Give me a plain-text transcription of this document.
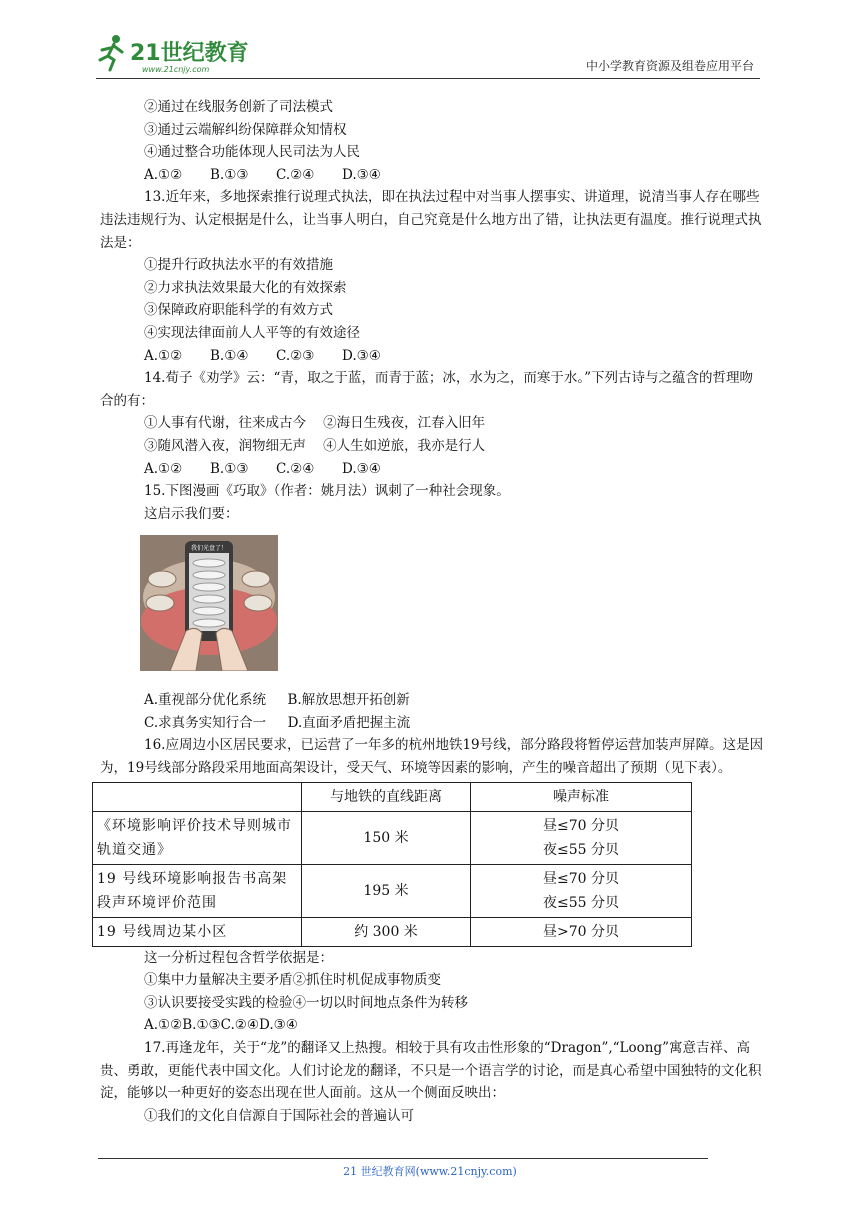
21世纪教育
www.21cnjy.com	中小学教育资源及组卷应用平台
②通过在线服务创新了司法模式
③通过云端解纠纷保障群众知情权
④通过整合功能体现人民司法为人民
A.①② B.①③ C.②④ D.③④
13.近年来，多地探索推行说理式执法，即在执法过程中对当事人摆事实、讲道理，说清当事人存在哪些违法违规行为、认定根据是什么，让当事人明白，自己究竟是什么地方出了错，让执法更有温度。推行说理式执法是：
①提升行政执法水平的有效措施
②力求执法效果最大化的有效探索
③保障政府职能科学的有效方式
④实现法律面前人人平等的有效途径
A.①② B.①④ C.②③ D.③④
14.荀子《劝学》云：“青，取之于蓝，而青于蓝；冰，水为之，而寒于水。”下列古诗与之蕴含的哲理吻合的有：
①人事有代谢，往来成古今 ②海日生残夜，江春入旧年
③随风潜入夜，润物细无声 ④人生如逆旅，我亦是行人
A.①② B.①③ C.②④ D.③④
15.下图漫画《巧取》（作者：姚月法）讽刺了一种社会现象。
这启示我们要：
我们光盘了！
A.重视部分优化系统 B.解放思想开拓创新
C.求真务实知行合一 D.直面矛盾把握主流
16.应周边小区居民要求，已运营了一年多的杭州地铁19号线，部分路段将暂停运营加装声屏障。这是因为，19号线部分路段采用地面高架设计，受天气、环境等因素的影响，产生的噪音超出了预期（见下表）。
	与地铁的直线距离	噪声标准
《环境影响评价技术导则城市轨道交通》	150 米	昼≤70 分贝
夜≤55 分贝

19 号线环境影响报告书高架段声环境评价范围	195 米	昼≤70 分贝
夜≤55 分贝

19 号线周边某小区	约 300 米	昼>70 分贝
这一分析过程包含哲学依据是：
①集中力量解决主要矛盾②抓住时机促成事物质变
③认识要接受实践的检验④一切以时间地点条件为转移
A.①②B.①③C.②④D.③④
17.再逢龙年，关于“龙”的翻译又上热搜。相较于具有攻击性形象的“Dragon”,“Loong”寓意吉祥、高贵、勇敢，更能代表中国文化。人们讨论龙的翻译，不只是一个语言学的讨论，而是真心希望中国独特的文化积淀，能够以一种更好的姿态出现在世人面前。这从一个侧面反映出：
①我们的文化自信源自于国际社会的普遍认可
21 世纪教育网(www.21cnjy.com)
